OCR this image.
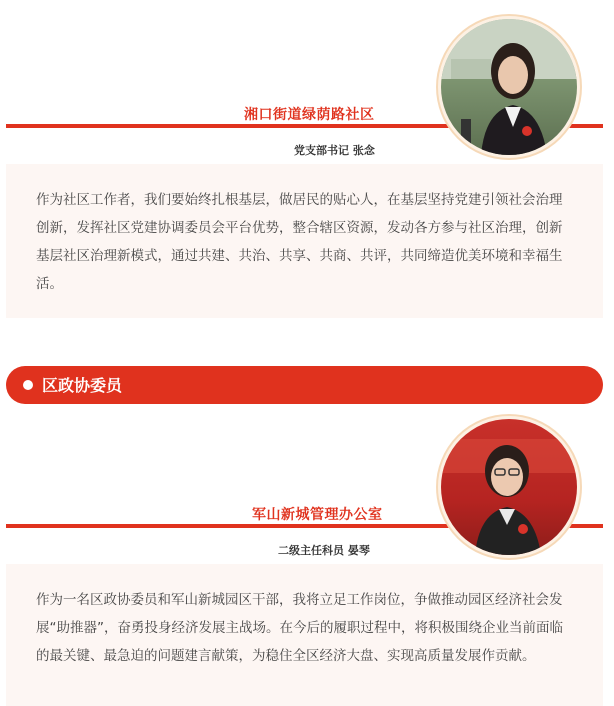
湘口街道绿荫路社区
党支部书记 张念

作为社区工作者，我们要始终扎根基层，做居民的贴心人，在基层坚持党建引领社会治理创新，发挥社区党建协调委员会平台优势，整合辖区资源，发动各方参与社区治理，创新基层社区治理新模式，通过共建、共治、共享、共商、共评，共同缔造优美环境和幸福生活。

区政协委员
军山新城管理办公室
二级主任科员 晏琴

作为一名区政协委员和军山新城园区干部，我将立足工作岗位，争做推动园区经济社会发展“助推器”，奋勇投身经济发展主战场。在今后的履职过程中，将积极围绕企业当前面临的最关键、最急迫的问题建言献策，为稳住全区经济大盘、实现高质量发展作贡献。
